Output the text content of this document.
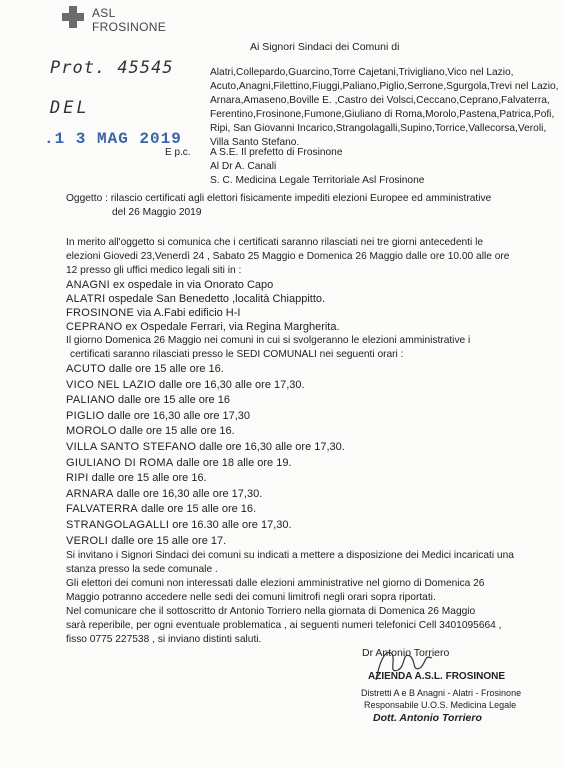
ASL
FROSINONE
Prot. 45545
DEL
.1 3 MAG 2019
Ai Signori Sindaci dei Comuni di
Alatri,Collepardo,Guarcino,Torre Cajetani,Trivigliano,Vico nel Lazio,
Acuto,Anagni,Filettino,Fiuggi,Paliano,Piglio,Serrone,Sgurgola,Trevi nel Lazio,
Arnara,Amaseno,Boville E. ,Castro dei Volsci,Ceccano,Ceprano,Falvaterra,
Ferentino,Frosinone,Fumone,Giuliano di Roma,Morolo,Pastena,Patrica,Pofi,
Ripi, San Giovanni Incarico,Strangolagalli,Supino,Torrice,Vallecorsa,Veroli,
Villa Santo Stefano.
E p.c. A S.E. Il prefetto di Frosinone
Al Dr A. Canali
S. C. Medicina Legale Territoriale Asl Frosinone
Oggetto : rilascio certificati agli elettori fisicamente impediti elezioni Europee ed amministrative
del 26 Maggio 2019
In merito all'oggetto si comunica che i certificati saranno rilasciati nei tre giorni antecedenti le
elezioni Giovedi 23,Venerdì 24 , Sabato 25 Maggio e Domenica 26 Maggio dalle ore 10.00 alle ore
12 presso gli uffici medico legali siti in :
ANAGNI ex ospedale in via Onorato Capo
ALATRI ospedale San Benedetto ,località Chiappitto.
FROSINONE via A.Fabi edificio H-I
CEPRANO ex Ospedale Ferrari, via Regina Margherita.
Il giorno Domenica 26 Maggio nei comuni in cui si svolgeranno le elezioni amministrative i
certificati saranno rilasciati presso le SEDI COMUNALI nei seguenti orari :
ACUTO dalle ore 15 alle ore 16.
VICO NEL LAZIO dalle ore 16,30 alle ore 17,30.
PALIANO dalle ore 15 alle ore 16
PIGLIO dalle ore 16,30 alle ore 17,30
MOROLO dalle ore 15 alle ore 16.
VILLA SANTO STEFANO dalle ore 16,30 alle ore 17,30.
GIULIANO DI ROMA dalle ore 18 alle ore 19.
RIPI dalle ore 15 alle ore 16.
ARNARA dalle ore 16,30 alle ore 17,30.
FALVATERRA dalle ore 15 alle ore 16.
STRANGOLAGALLI ore 16.30 alle ore 17,30.
VEROLI dalle ore 15 alle ore 17.
Si invitano i Signori Sindaci dei comuni su indicati a mettere a disposizione dei Medici incaricati una
stanza presso la sede comunale .
Gli elettori dei comuni non interessati dalle elezioni amministrative nel giorno di Domenica 26
Maggio potranno accedere nelle sedi dei comuni limitrofi negli orari sopra riportati.
Nel comunicare che il sottoscritto dr Antonio Torriero nella giornata di Domenica 26 Maggio
sarà reperibile, per ogni eventuale problematica , ai seguenti numeri telefonici Cell 3401095664 ,
fisso 0775 227538 , si inviano distinti saluti.
Dr Antonio Torriero
AZIENDA A.S.L. FROSINONE
Distretti A e B Anagni - Alatri - Frosinone
Responsabile U.O.S. Medicina Legale
Dott. Antonio Torriero
